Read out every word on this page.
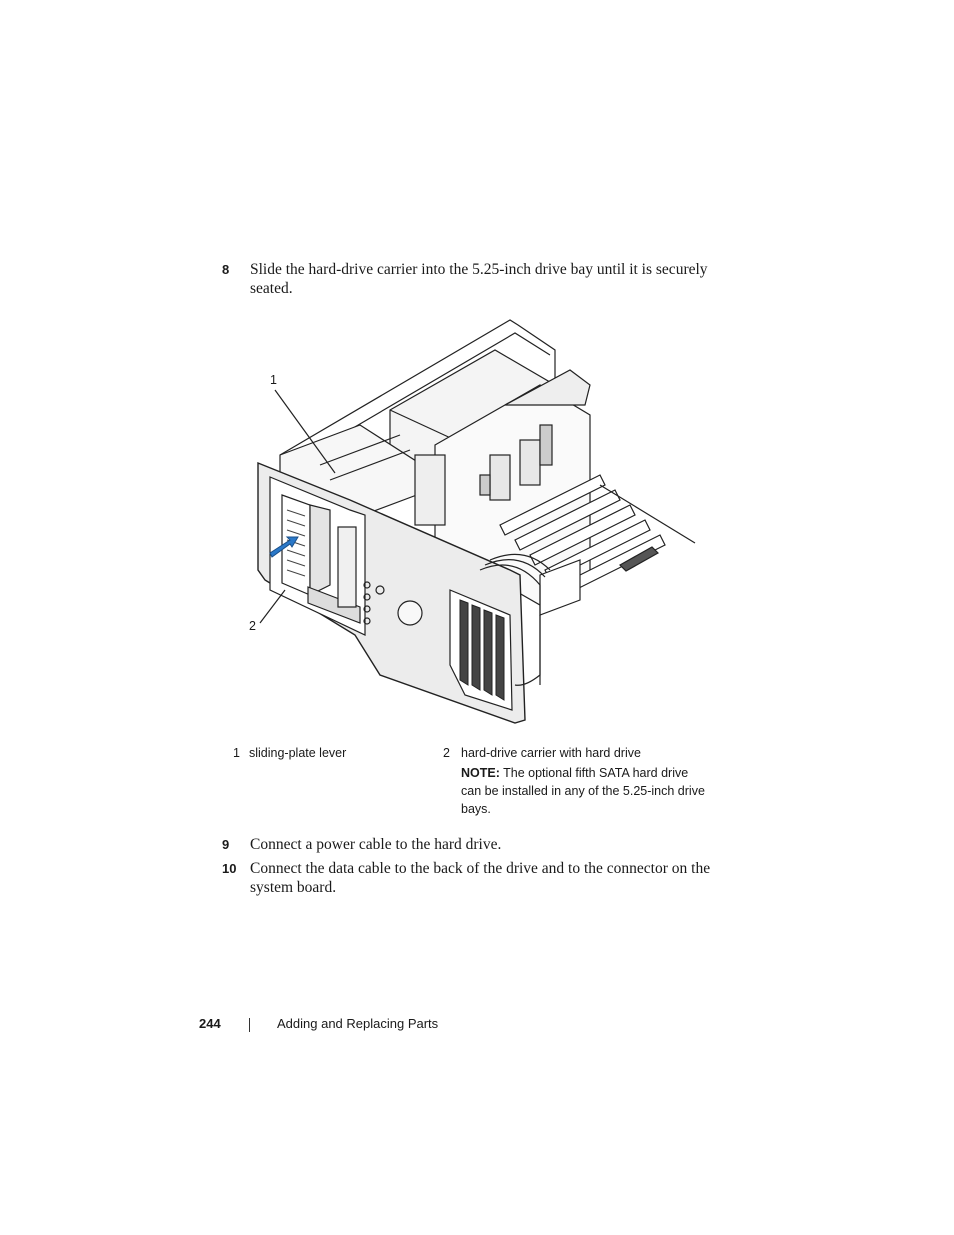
8	Slide the hard-drive carrier into the 5.25-inch drive bay until it is securely seated.
1
2
1 sliding-plate lever	2 hard-drive carrier with hard drive
NOTE: The optional fifth SATA hard drive can be installed in any of the 5.25-inch drive bays.
9	Connect a power cable to the hard drive.
10 Connect the data cable to the back of the drive and to the connector on the system board.
244	Adding and Replacing Parts
